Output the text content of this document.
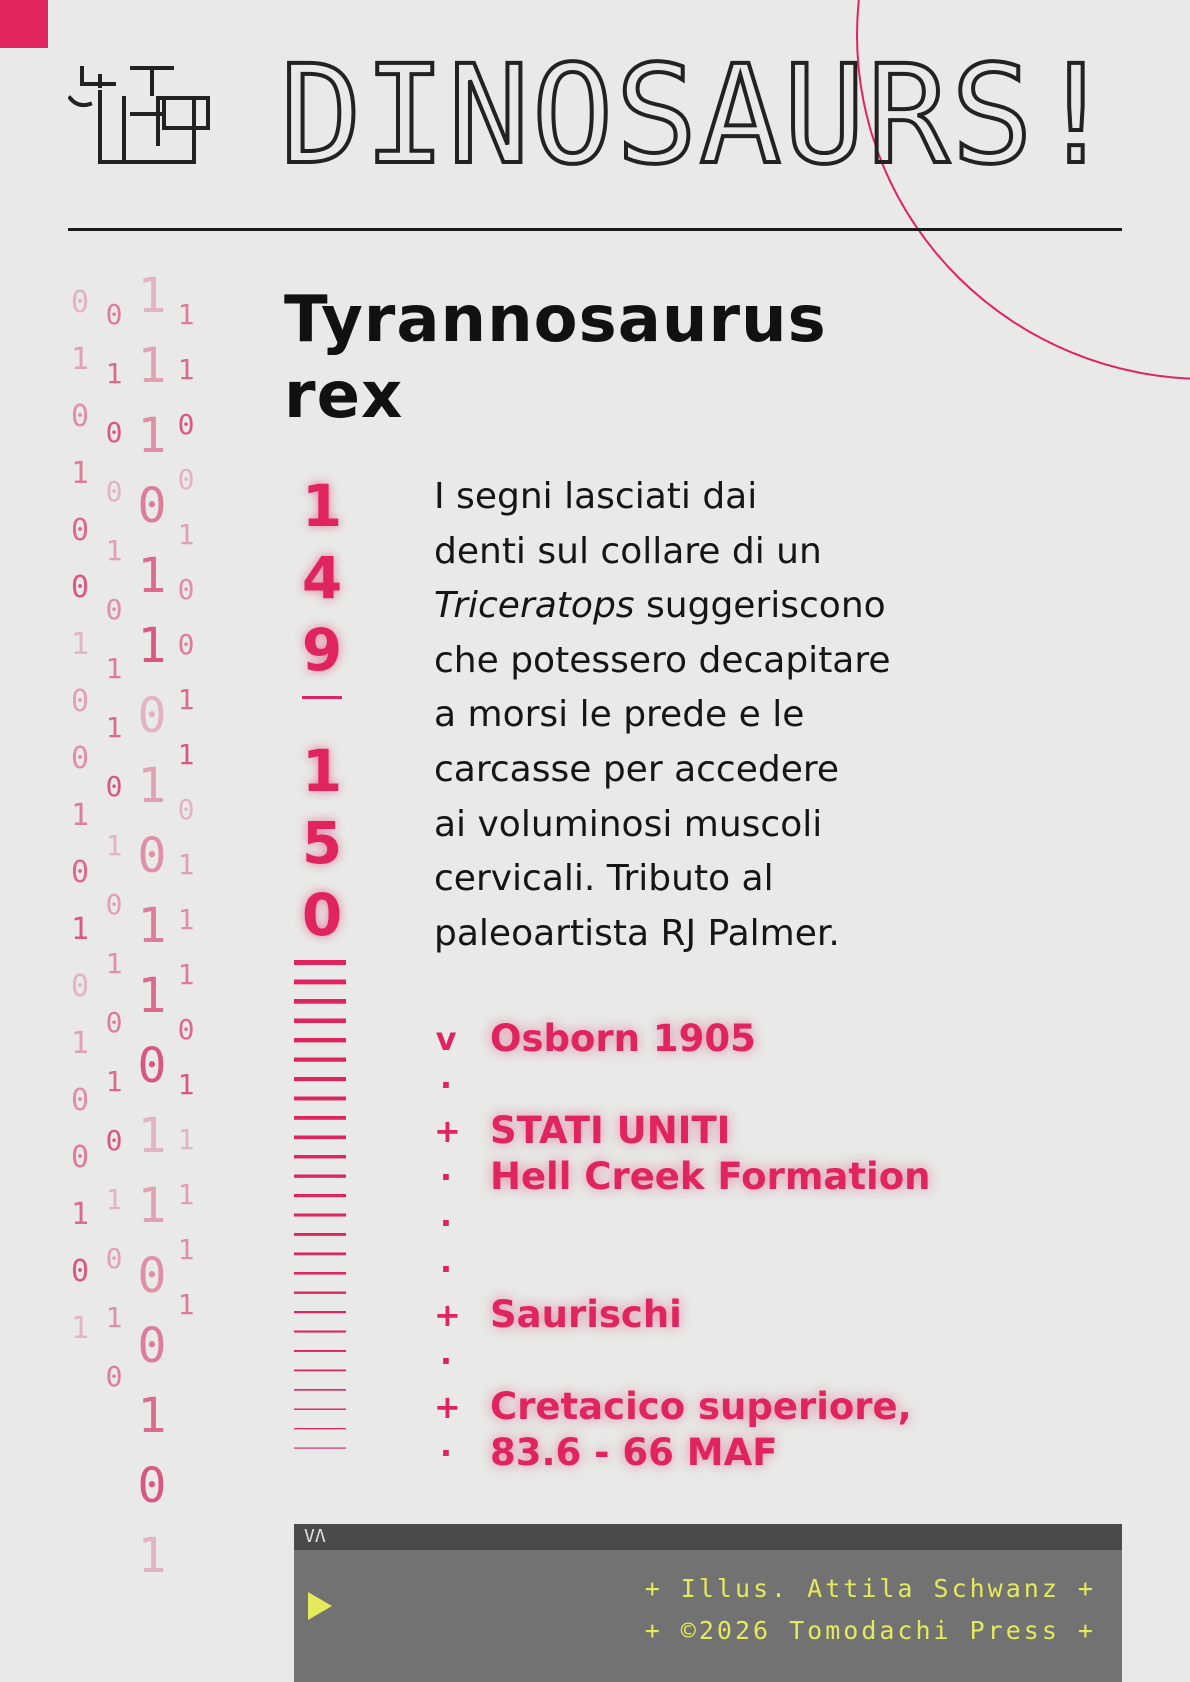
DINOSAURS!
0
1
0
1
0
0
1
0
0
1
0
1
0
1
0
0
1
0
1
0
1
0
0
1
0
1
1
0
1
0
1
0
1
0
1
0
1
0
1
1
1
0
1
1
0
1
0
1
1
0
1
1
0
0
1
0
1
1
1
0
0
1
0
0
1
1
0
1
1
1
0
1
1
1
1
1
Tyrannosaurus
rex
1
4
9
1
5
0

I segni lasciati dai

denti sul collare di un

Triceratops suggeriscono

che potessero decapitare

a morsi le prede e le

carcasse per accedere

ai voluminosi muscoli

cervicali. Tributo al

paleoartista RJ Palmer.

v Osborn 1905
·
+ STATI UNITI
· Hell Creek Formation
·
·
+ Saurischi
·
+ Cretacico superiore,
· 83.6 - 66 MAF
VΛ
+ Illus. Attila Schwanz +
+ ©2026 Tomodachi Press +
